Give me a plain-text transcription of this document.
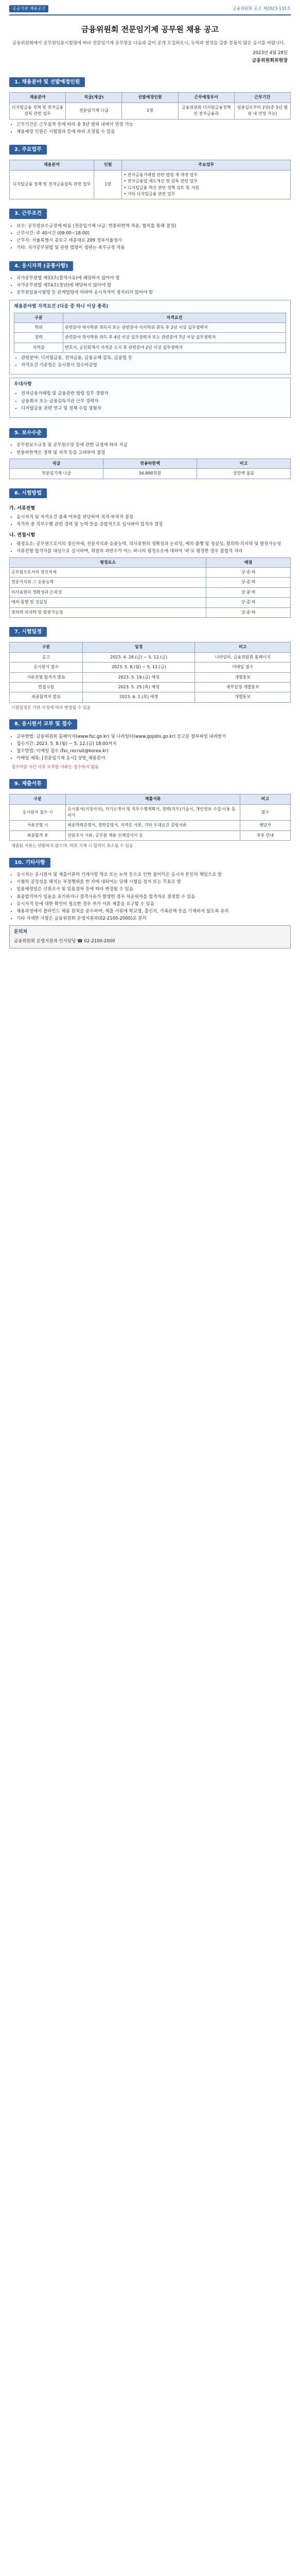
공공기관 채용공고	금융위원회 공고 제2023-131호
금융위원회 전문임기제 공무원 채용 공고
금융위원회에서 공무원임용시험령에 따라 전문임기제 공무원을 다음과 같이 공개 모집하오니, 능력과 열정을 갖춘 분들의 많은 응시를 바랍니다.
2023년 4월 28일
금융위원회위원장
1. 채용분야 및 선발예정인원
채용분야	직급(계급)	선발예정인원	근무예정부서	근무기간
디지털금융 정책 및 전자금융감독 관련 업무	전문임기제 나급	1명	금융위원회 디지털금융정책관 전자금융과	임용일로부터 2년(총 5년 범위 내 연장 가능)
• 근무기간은 근무실적 등에 따라 총 5년 범위 내에서 연장 가능
• 채용예정 인원은 시험결과 등에 따라 조정될 수 있음
2. 주요업무
채용분야	인원	주요업무
디지털금융 정책 및 전자금융감독 관련 업무	1명	• 전자금융거래법 관련 법령 제·개정 업무
• 전자금융업 제도개선 및 감독 관련 업무
• 디지털금융 혁신 관련 정책 검토 및 지원
• 기타 디지털금융 관련 업무
3. 근무조건
• 보수: 공무원보수규정에 따름 (전문임기제 나급: 연봉하한액 적용, 협의를 통해 결정)
• 근무시간: 주 40시간 (09:00~18:00)
• 근무지: 서울특별시 종로구 세종대로 209 정부서울청사
• 기타: 국가공무원법 및 관련 법령이 정하는 복무규정 적용
4. 응시자격 (공통사항)
• 국가공무원법 제33조(결격사유)에 해당하지 않아야 함
• 국가공무원법 제74조(정년)에 해당하지 않아야 함
• 공무원임용시험령 등 관계법령에 의하여 응시자격이 정지되지 않아야 함
채용분야별 자격요건 (다음 중 하나 이상 충족)
구분	자격요건
학위	관련분야 박사학위 취득자 또는 관련분야 석사학위 취득 후 2년 이상 실무경력자
경력	관련분야 학사학위 취득 후 4년 이상 실무경력자 또는 관련분야 7년 이상 실무경력자
자격증	변호사, 공인회계사 자격증 소지 후 관련분야 2년 이상 실무경력자
• 관련분야: 디지털금융, 전자금융, 금융규제·감독, 금융법 등
• 자격요건 기준일은 응시원서 접수마감일
우대사항
• 전자금융거래법 및 금융관련 법령 업무 경험자
• 금융회사 또는 금융감독기관 근무 경력자
• 디지털금융 관련 연구 및 정책 수립 경험자
5. 보수수준
• 공무원보수규정 및 공무원수당 등에 관한 규정에 따라 지급
• 연봉하한액은 경력 및 자격 등을 고려하여 결정
직급	연봉하한액	비고
전문임기제 나급	56,890천원	상한액 없음
6. 시험방법
가. 서류전형
• 응시자격 및 자격요건 충족 여부를 판단하여 적격·부적격 결정
• 적격자 중 직무수행 관련 경력 및 능력 등을 종합적으로 심사하여 합격자 결정
나. 면접시험
• 평정요소: 공무원으로서의 정신자세, 전문지식과 응용능력, 의사표현의 정확성과 논리성, 예의·품행 및 성실성, 창의력·의지력 및 발전가능성
• 서류전형 합격자를 대상으로 실시하며, 위원의 과반수가 어느 하나의 평정요소에 대하여 '하'로 평정한 경우 불합격 처리
평정요소	배점
공무원으로서의 정신자세	상·중·하
전문지식과 그 응용능력	상·중·하
의사표현의 정확성과 논리성	상·중·하
예의·품행 및 성실성	상·중·하
창의력·의지력 및 발전가능성	상·중·하
7. 시험일정
구분	일정	비고
공고	2023. 4. 28.(금) ~ 5. 12.(금)	나라일터, 금융위원회 홈페이지
응시원서 접수	2023. 5. 8.(월) ~ 5. 12.(금)	이메일 접수
서류전형 합격자 발표	2023. 5. 19.(금) 예정	개별통보
면접시험	2023. 5. 25.(목) 예정	세부일정 개별통보
최종합격자 발표	2023. 6. 1.(목) 예정	개별통보
시험일정은 기관 사정에 따라 변경될 수 있음
8. 응시원서 교부 및 접수
• 교부방법: 금융위원회 홈페이지(www.fsc.go.kr) 및 나라일터(www.gojobs.go.kr) 공고문 첨부파일 내려받기
• 접수기간: 2023. 5. 8.(월) ~ 5. 12.(금) 18:00까지
• 접수방법: 이메일 접수 (fsc_recruit@korea.kr)
• 이메일 제목: [전문임기제 응시] 성명_채용분야
접수마감 시간 이후 도착한 서류는 접수하지 않음
9. 제출서류
구분	제출서류	비고
응시원서 접수 시	응시원서(지정서식), 자기소개서 및 직무수행계획서, 경력(직무)기술서, 개인정보 수집·이용 동의서	필수
서류전형 시	최종학력증명서, 경력증명서, 자격증 사본, 기타 우대요건 증빙서류	해당자
최종합격 후	신원조사 서류, 공무원 채용 신체검사서 등	추후 안내
제출된 서류는 반환하지 않으며, 허위 기재 시 합격이 취소될 수 있음
10. 기타사항
• 응시자는 응시원서 및 제출서류의 기재사항 착오 또는 누락 등으로 인한 불이익은 응시자 본인의 책임으로 함
• 시험의 공정성을 해치는 부정행위를 한 자에 대하여는 당해 시험을 정지 또는 무효로 함
• 임용예정일은 신원조사 및 임용절차 등에 따라 변경될 수 있음
• 최종합격자가 임용을 포기하거나 결격사유가 발생한 경우 차순위자를 합격자로 결정할 수 있음
• 응시자격 등에 대한 확인이 필요한 경우 추가 서류 제출을 요구할 수 있음
• 채용과정에서 블라인드 채용 원칙을 준수하며, 제출 서류에 학교명, 출신지, 가족관계 등을 기재하지 않도록 유의
• 기타 자세한 사항은 금융위원회 운영지원과(02-2100-2000)로 문의
문의처
금융위원회 운영지원과 인사담당 ☎ 02-2100-2000
